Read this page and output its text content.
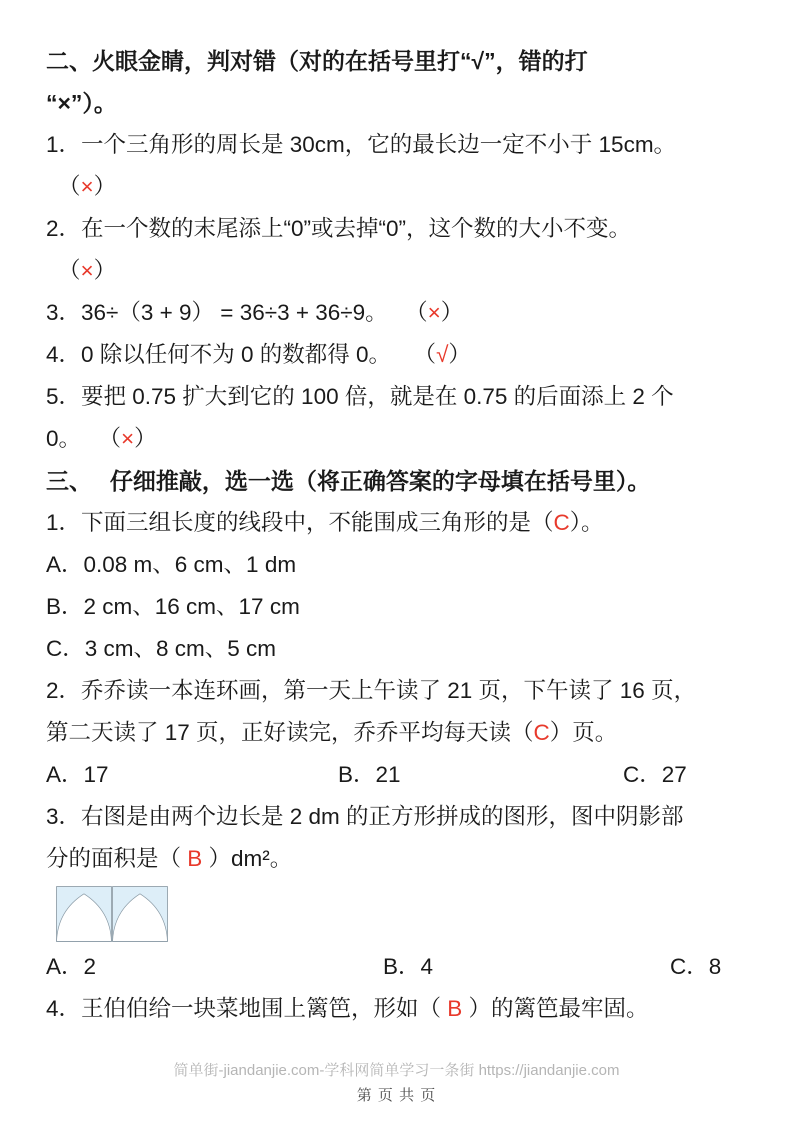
二、火眼金睛，判对错（对的在括号里打“√”，错的打
“×”）。
1．一个三角形的周长是 30cm，它的最长边一定不小于 15cm。
（×）
2．在一个数的末尾添上“0”或去掉“0”，这个数的大小不变。
（×）
3．36÷（3 + 9） = 36÷3 + 36÷9。　 （×）
4．0 除以任何不为 0 的数都得 0。　　（√）
5．要把 0.75 扩大到它的 100 倍，就是在 0.75 的后面添上 2 个
0。 　（×）
三、　 仔细推敲，选一选（将正确答案的字母填在括号里）。
1．下面三组长度的线段中，不能围成三角形的是（C）。
A．0.08 m、6 cm、1 dm
B．2 cm、16 cm、17 cm
C．3 cm、8 cm、5 cm
2．乔乔读一本连环画，第一天上午读了 21 页，下午读了 16 页，
第二天读了 17 页，正好读完，乔乔平均每天读（C）页。
A．17	B．21	C．27
3．右图是由两个边长是 2 dm 的正方形拼成的图形，图中阴影部
分的面积是（ B ）dm²。
A．2	B．4	C．8
4．王伯伯给一块菜地围上篱笆，形如（ B ）的篱笆最牢固。
简单街-jiandanjie.com-学科网简单学习一条街 https://jiandanjie.com
第 页 共 页
